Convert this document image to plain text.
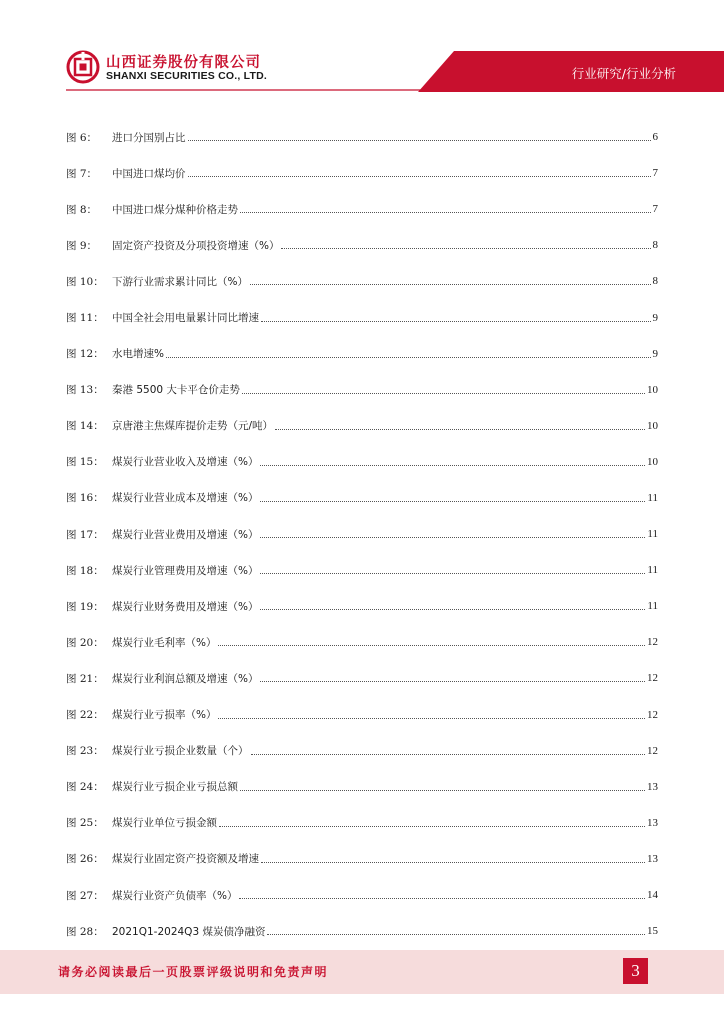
山西证券股份有限公司
SHANXI SECURITIES CO., LTD.	行业研究/行业分析
图 6：	进口分国别占比	6
图 7：	中国进口煤均价	7
图 8：	中国进口煤分煤种价格走势	7
图 9：	固定资产投资及分项投资增速（%）	8
图 10： 下游行业需求累计同比（%）	8
图 11： 中国全社会用电量累计同比增速	9
图 12： 水电增速%	9
图 13： 秦港 5500 大卡平仓价走势	10
图 14： 京唐港主焦煤库提价走势（元/吨）	10
图 15： 煤炭行业营业收入及增速（%）	10
图 16： 煤炭行业营业成本及增速（%）	11
图 17： 煤炭行业营业费用及增速（%）	11
图 18： 煤炭行业管理费用及增速（%）	11
图 19： 煤炭行业财务费用及增速（%）	11
图 20： 煤炭行业毛利率（%）	12
图 21： 煤炭行业利润总额及增速（%）	12
图 22： 煤炭行业亏损率（%）	12
图 23： 煤炭行业亏损企业数量（个）	12
图 24： 煤炭行业亏损企业亏损总额	13
图 25： 煤炭行业单位亏损金额	13
图 26： 煤炭行业固定资产投资额及增速	13
图 27： 煤炭行业资产负债率（%）	14
图 28： 2021Q1-2024Q3 煤炭债净融资	15
请务必阅读最后一页股票评级说明和免责声明	3
